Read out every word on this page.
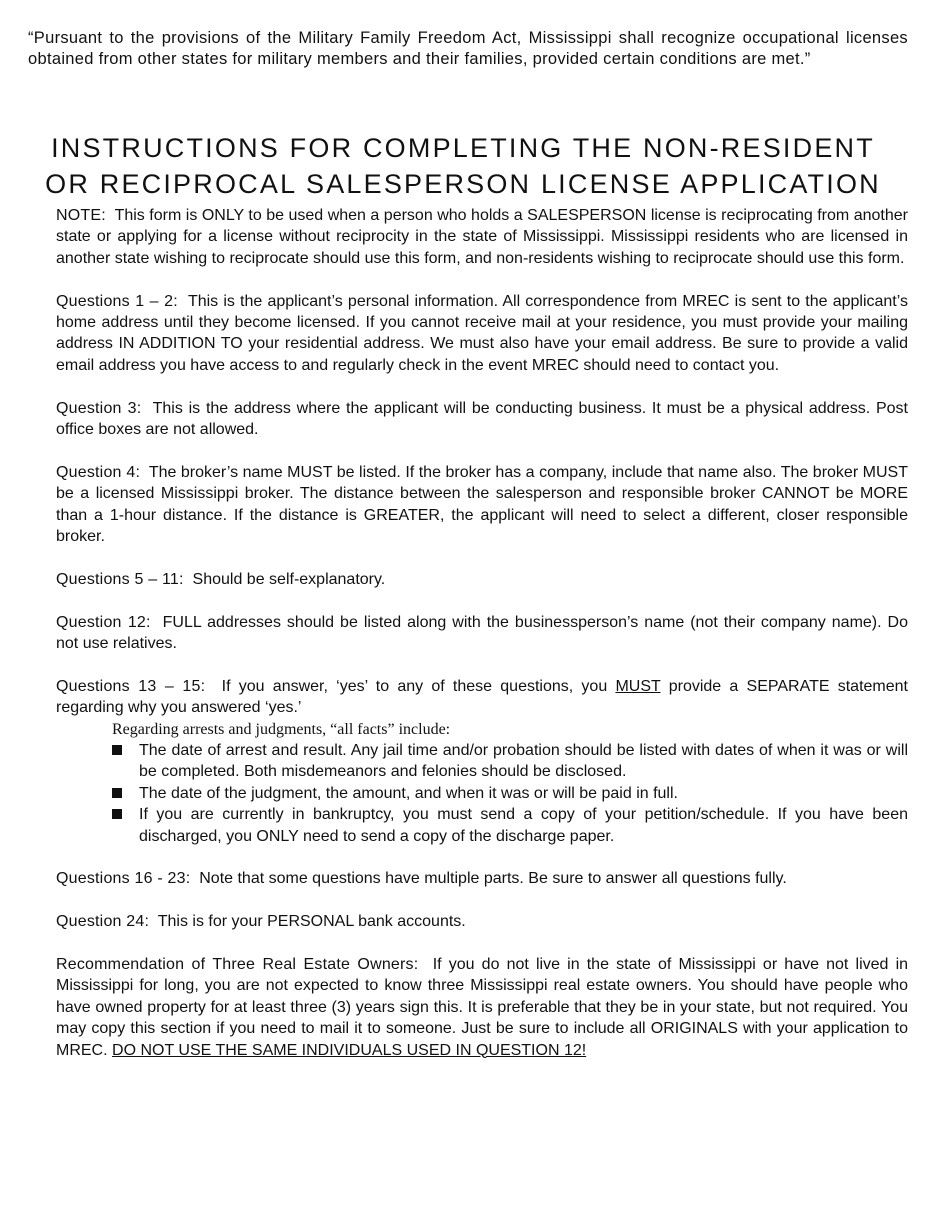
“Pursuant to the provisions of the Military Family Freedom Act, Mississippi shall recognize occupational licenses obtained from other states for military members and their families, provided certain conditions are met.”
INSTRUCTIONS FOR COMPLETING THE NON-RESIDENT
OR RECIPROCAL SALESPERSON LICENSE APPLICATION

NOTE: This form is ONLY to be used when a person who holds a SALESPERSON license is reciprocating from another state or applying for a license without reciprocity in the state of Mississippi. Mississippi residents who are licensed in another state wishing to reciprocate should use this form, and non-residents wishing to reciprocate should use this form.

Questions 1 – 2: This is the applicant’s personal information. All correspondence from MREC is sent to the applicant’s home address until they become licensed. If you cannot receive mail at your residence, you must provide your mailing address IN ADDITION TO your residential address. We must also have your email address. Be sure to provide a valid email address you have access to and regularly check in the event MREC should need to contact you.

Question 3: This is the address where the applicant will be conducting business. It must be a physical address. Post office boxes are not allowed.

Question 4: The broker’s name MUST be listed. If the broker has a company, include that name also. The broker MUST be a licensed Mississippi broker. The distance between the salesperson and responsible broker CANNOT be MORE than a 1-hour distance. If the distance is GREATER, the applicant will need to select a different, closer responsible broker.

Questions 5 – 11: Should be self-explanatory.

Question 12: FULL addresses should be listed along with the businessperson’s name (not their company name). Do not use relatives.

Questions 13 – 15: If you answer, ‘yes’ to any of these questions, you MUST provide a SEPARATE statement regarding why you answered ‘yes.’

Regarding arrests and judgments, “all facts” include:
The date of arrest and result. Any jail time and/or probation should be listed with dates of when it was or will be completed. Both misdemeanors and felonies should be disclosed.
The date of the judgment, the amount, and when it was or will be paid in full.
If you are currently in bankruptcy, you must send a copy of your petition/schedule. If you have been discharged, you ONLY need to send a copy of the discharge paper.

Questions 16 - 23: Note that some questions have multiple parts. Be sure to answer all questions fully.

Question 24: This is for your PERSONAL bank accounts.

Recommendation of Three Real Estate Owners: If you do not live in the state of Mississippi or have not lived in Mississippi for long, you are not expected to know three Mississippi real estate owners. You should have people who have owned property for at least three (3) years sign this. It is preferable that they be in your state, but not required. You may copy this section if you need to mail it to someone. Just be sure to include all ORIGINALS with your application to MREC. DO NOT USE THE SAME INDIVIDUALS USED IN QUESTION 12!
